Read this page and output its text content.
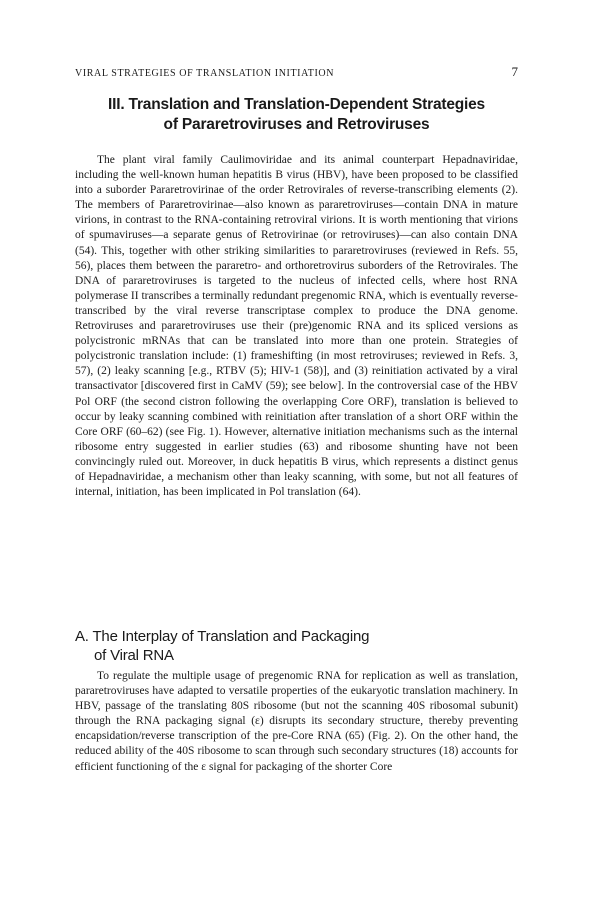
VIRAL STRATEGIES OF TRANSLATION INITIATION	7
III. Translation and Translation-Dependent Strategies
of Pararetroviruses and Retroviruses

The plant viral family Caulimoviridae and its animal counterpart Hepadnaviridae, including the well-known human hepatitis B virus (HBV), have been proposed to be classified into a suborder Pararetrovirinae of the order Retrovirales of reverse-transcribing elements (2). The members of Pararetrovirinae—also known as pararetroviruses—contain DNA in mature virions, in contrast to the RNA-containing retroviral virions. It is worth mentioning that virions of spumaviruses—a separate genus of Retrovirinae (or retroviruses)—can also contain DNA (54). This, together with other striking similarities to pararetroviruses (reviewed in Refs. 55, 56), places them between the pararetro- and orthoretrovirus suborders of the Retrovirales. The DNA of pararetroviruses is targeted to the nucleus of infected cells, where host RNA polymerase II transcribes a terminally redundant pregenomic RNA, which is eventually reverse-transcribed by the viral reverse transcriptase complex to produce the DNA genome. Retroviruses and pararetroviruses use their (pre)genomic RNA and its spliced versions as polycistronic mRNAs that can be translated into more than one protein. Strategies of polycistronic translation include: (1) frameshifting (in most retroviruses; reviewed in Refs. 3, 57), (2) leaky scanning [e.g., RTBV (5); HIV-1 (58)], and (3) reinitiation activated by a viral transactivator [discovered first in CaMV (59); see below]. In the controversial case of the HBV Pol ORF (the second cistron following the overlapping Core ORF), translation is believed to occur by leaky scanning combined with reinitiation after translation of a short ORF within the Core ORF (60–62) (see Fig. 1). However, alternative initiation mechanisms such as the internal ribosome entry suggested in earlier studies (63) and ribosome shunting have not been convincingly ruled out. Moreover, in duck hepatitis B virus, which represents a distinct genus of Hepadnaviridae, a mechanism other than leaky scanning, with some, but not all features of internal, initiation, has been implicated in Pol translation (64).

A. The Interplay of Translation and Packaging
of Viral RNA

To regulate the multiple usage of pregenomic RNA for replication as well as translation, pararetroviruses have adapted to versatile properties of the eukaryotic translation machinery. In HBV, passage of the translating 80S ribosome (but not the scanning 40S ribosomal subunit) through the RNA packaging signal (ε) disrupts its secondary structure, thereby preventing encapsidation/reverse transcription of the pre-Core RNA (65) (Fig. 2). On the other hand, the reduced ability of the 40S ribosome to scan through such secondary structures (18) accounts for efficient functioning of the ε signal for packaging of the shorter Core
